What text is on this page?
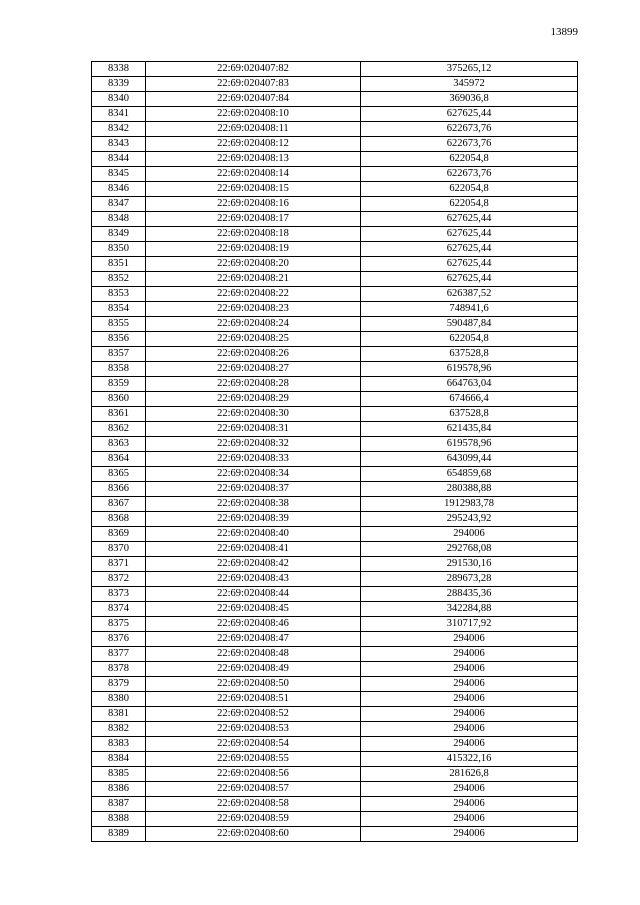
13899
8338	22:69:020407:82	375265,12
8339	22:69:020407:83	345972
8340	22:69:020407:84	369036,8
8341	22:69:020408:10	627625,44
8342	22:69:020408:11	622673,76
8343	22:69:020408:12	622673,76
8344	22:69:020408:13	622054,8
8345	22:69:020408:14	622673,76
8346	22:69:020408:15	622054,8
8347	22:69:020408:16	622054,8
8348	22:69:020408:17	627625,44
8349	22:69:020408:18	627625,44
8350	22:69:020408:19	627625,44
8351	22:69:020408:20	627625,44
8352	22:69:020408:21	627625,44
8353	22:69:020408:22	626387,52
8354	22:69:020408:23	748941,6
8355	22:69:020408:24	590487,84
8356	22:69:020408:25	622054,8
8357	22:69:020408:26	637528,8
8358	22:69:020408:27	619578,96
8359	22:69:020408:28	664763,04
8360	22:69:020408:29	674666,4
8361	22:69:020408:30	637528,8
8362	22:69:020408:31	621435,84
8363	22:69:020408:32	619578,96
8364	22:69:020408:33	643099,44
8365	22:69:020408:34	654859,68
8366	22:69:020408:37	280388,88
8367	22:69:020408:38	1912983,78
8368	22:69:020408:39	295243,92
8369	22:69:020408:40	294006
8370	22:69:020408:41	292768,08
8371	22:69:020408:42	291530,16
8372	22:69:020408:43	289673,28
8373	22:69:020408:44	288435,36
8374	22:69:020408:45	342284,88
8375	22:69:020408:46	310717,92
8376	22:69:020408:47	294006
8377	22:69:020408:48	294006
8378	22:69:020408:49	294006
8379	22:69:020408:50	294006
8380	22:69:020408:51	294006
8381	22:69:020408:52	294006
8382	22:69:020408:53	294006
8383	22:69:020408:54	294006
8384	22:69:020408:55	415322,16
8385	22:69:020408:56	281626,8
8386	22:69:020408:57	294006
8387	22:69:020408:58	294006
8388	22:69:020408:59	294006
8389	22:69:020408:60	294006
